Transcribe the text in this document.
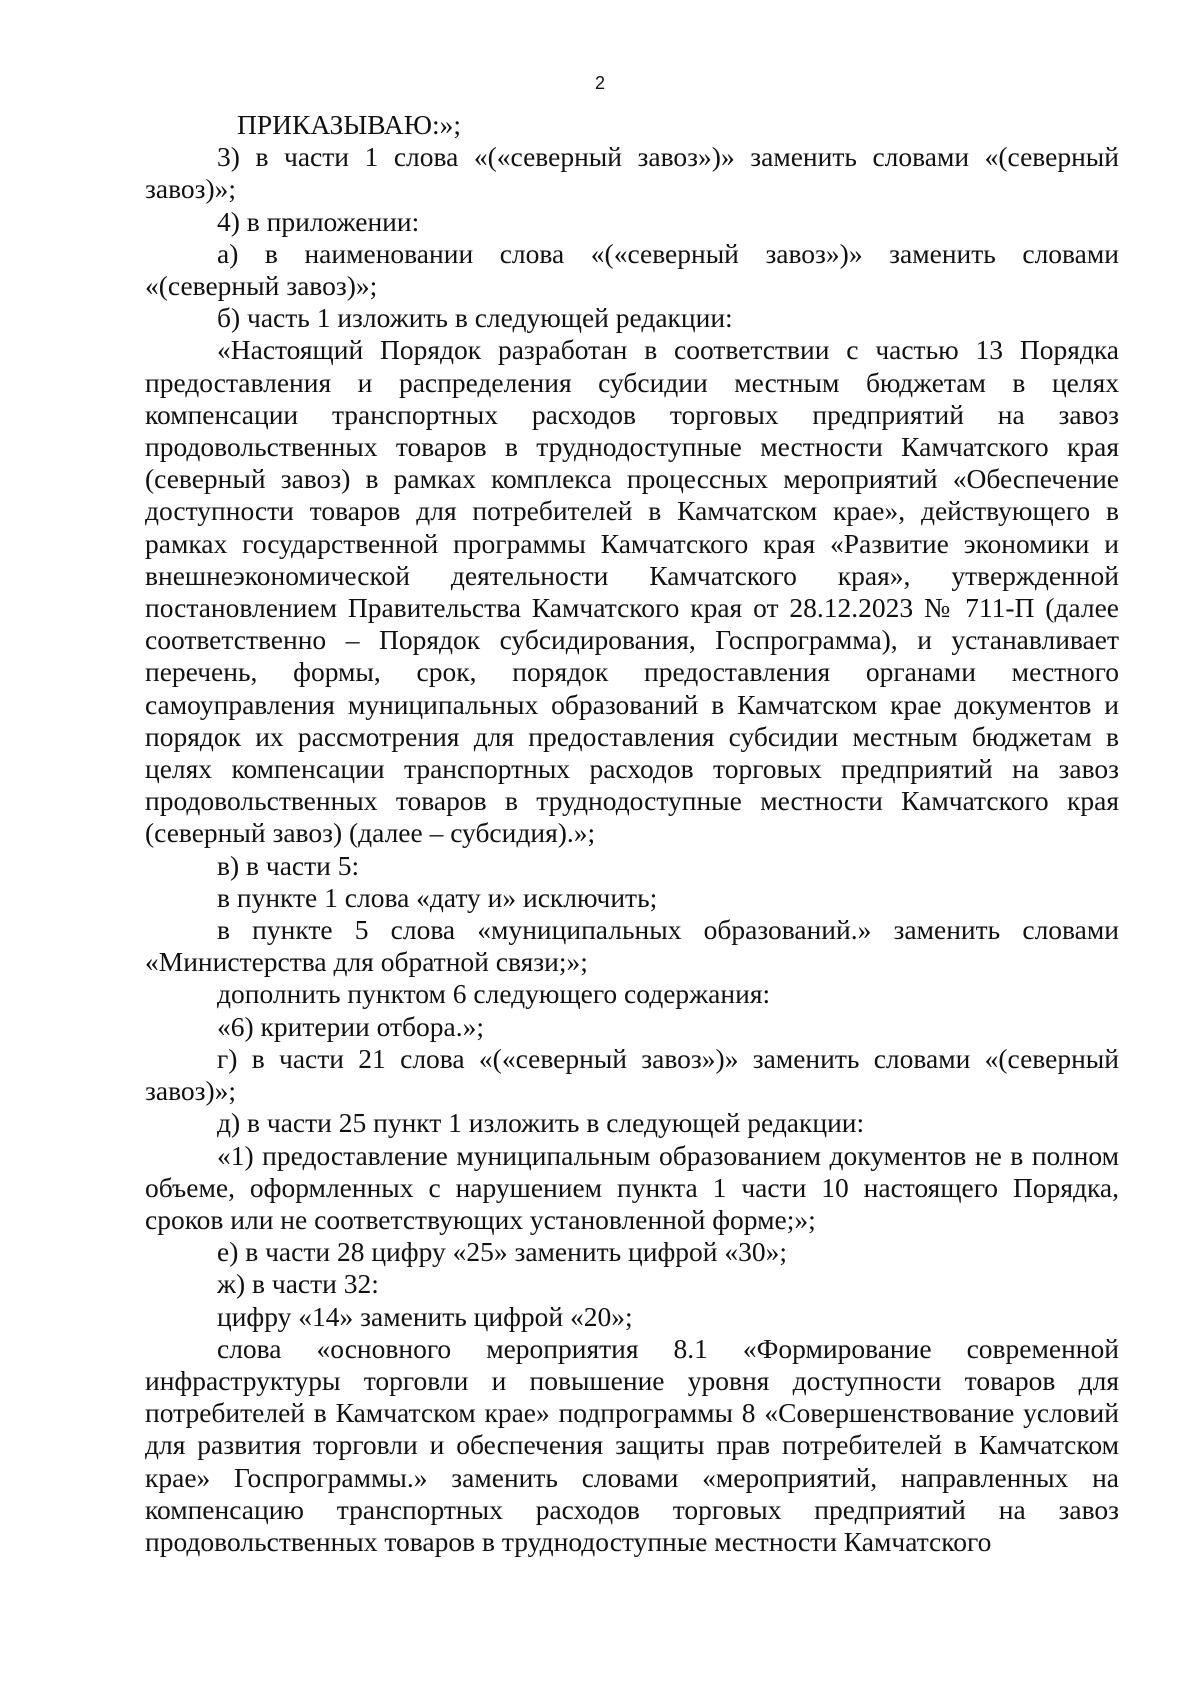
2

ПРИКАЗЫВАЮ:»;

3) в части 1 слова «(«северный завоз»)» заменить словами «(северный завоз)»;

4) в приложении:

а) в наименовании слова «(«северный завоз»)» заменить словами «(северный завоз)»;

б) часть 1 изложить в следующей редакции:

«Настоящий Порядок разработан в соответствии с частью 13 Порядка предоставления и распределения субсидии местным бюджетам в целях компенсации транспортных расходов торговых предприятий на завоз продовольственных товаров в труднодоступные местности Камчатского края (северный завоз) в рамках комплекса процессных мероприятий «Обеспечение доступности товаров для потребителей в Камчатском крае», действующего в рамках государственной программы Камчатского края «Развитие экономики и внешнеэкономической деятельности Камчатского края», утвержденной постановлением Правительства Камчатского края от 28.12.2023 № 711-П (далее соответственно – Порядок субсидирования, Госпрограмма), и устанавливает перечень, формы, срок, порядок предоставления органами местного самоуправления муниципальных образований в Камчатском крае документов и порядок их рассмотрения для предоставления субсидии местным бюджетам в целях компенсации транспортных расходов торговых предприятий на завоз продовольственных товаров в труднодоступные местности Камчатского края (северный завоз) (далее – субсидия).»;

в) в части 5:

в пункте 1 слова «дату и» исключить;

в пункте 5 слова «муниципальных образований.» заменить словами «Министерства для обратной связи;»;

дополнить пунктом 6 следующего содержания:

«6) критерии отбора.»;

г) в части 21 слова «(«северный завоз»)» заменить словами «(северный завоз)»;

д) в части 25 пункт 1 изложить в следующей редакции:

«1) предоставление муниципальным образованием документов не в полном объеме, оформленных с нарушением пункта 1 части 10 настоящего Порядка, сроков или не соответствующих установленной форме;»;

е) в части 28 цифру «25» заменить цифрой «30»;

ж) в части 32:

цифру «14» заменить цифрой «20»;

слова «основного мероприятия 8.1 «Формирование современной инфраструктуры торговли и повышение уровня доступности товаров для потребителей в Камчатском крае» подпрограммы 8 «Совершенствование условий для развития торговли и обеспечения защиты прав потребителей в Камчатском крае» Госпрограммы.» заменить словами «мероприятий, направленных на компенсацию транспортных расходов торговых предприятий на завоз продовольственных товаров в труднодоступные местности Камчатского
